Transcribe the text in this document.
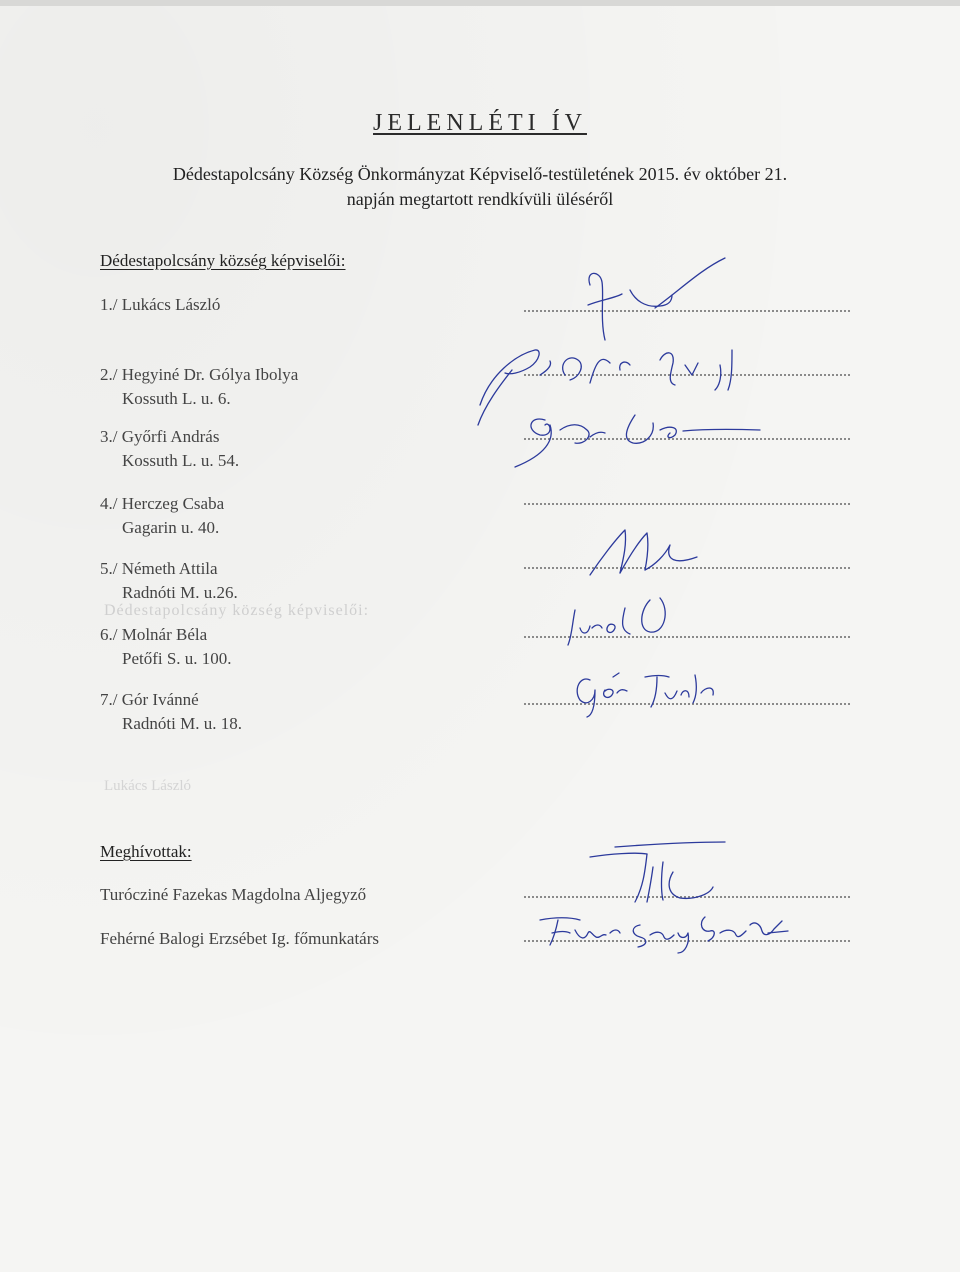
JELENLÉTI ÍV
Dédestapolcsány Község Önkormányzat Képviselő-testületének 2015. év október 21.
napján megtartott rendkívüli üléséről
Dédestapolcsány község képviselői:
1./ Lukács László
2./ Hegyiné Dr. Gólya Ibolya
Kossuth L. u. 6.
3./ Győrfi András
Kossuth L. u. 54.
4./ Herczeg Csaba
Gagarin u. 40.
5./ Németh Attila
Radnóti M. u.26.
Dédestapolcsány község képviselői:
6./ Molnár Béla
Petőfi S. u. 100.
7./ Gór Ivánné
Radnóti M. u. 18.
Lukács László
Meghívottak:
Turócziné Fazekas Magdolna Aljegyző
Fehérné Balogi Erzsébet Ig. főmunkatárs
Jurol
Fehérné Balogi Erzsébet
